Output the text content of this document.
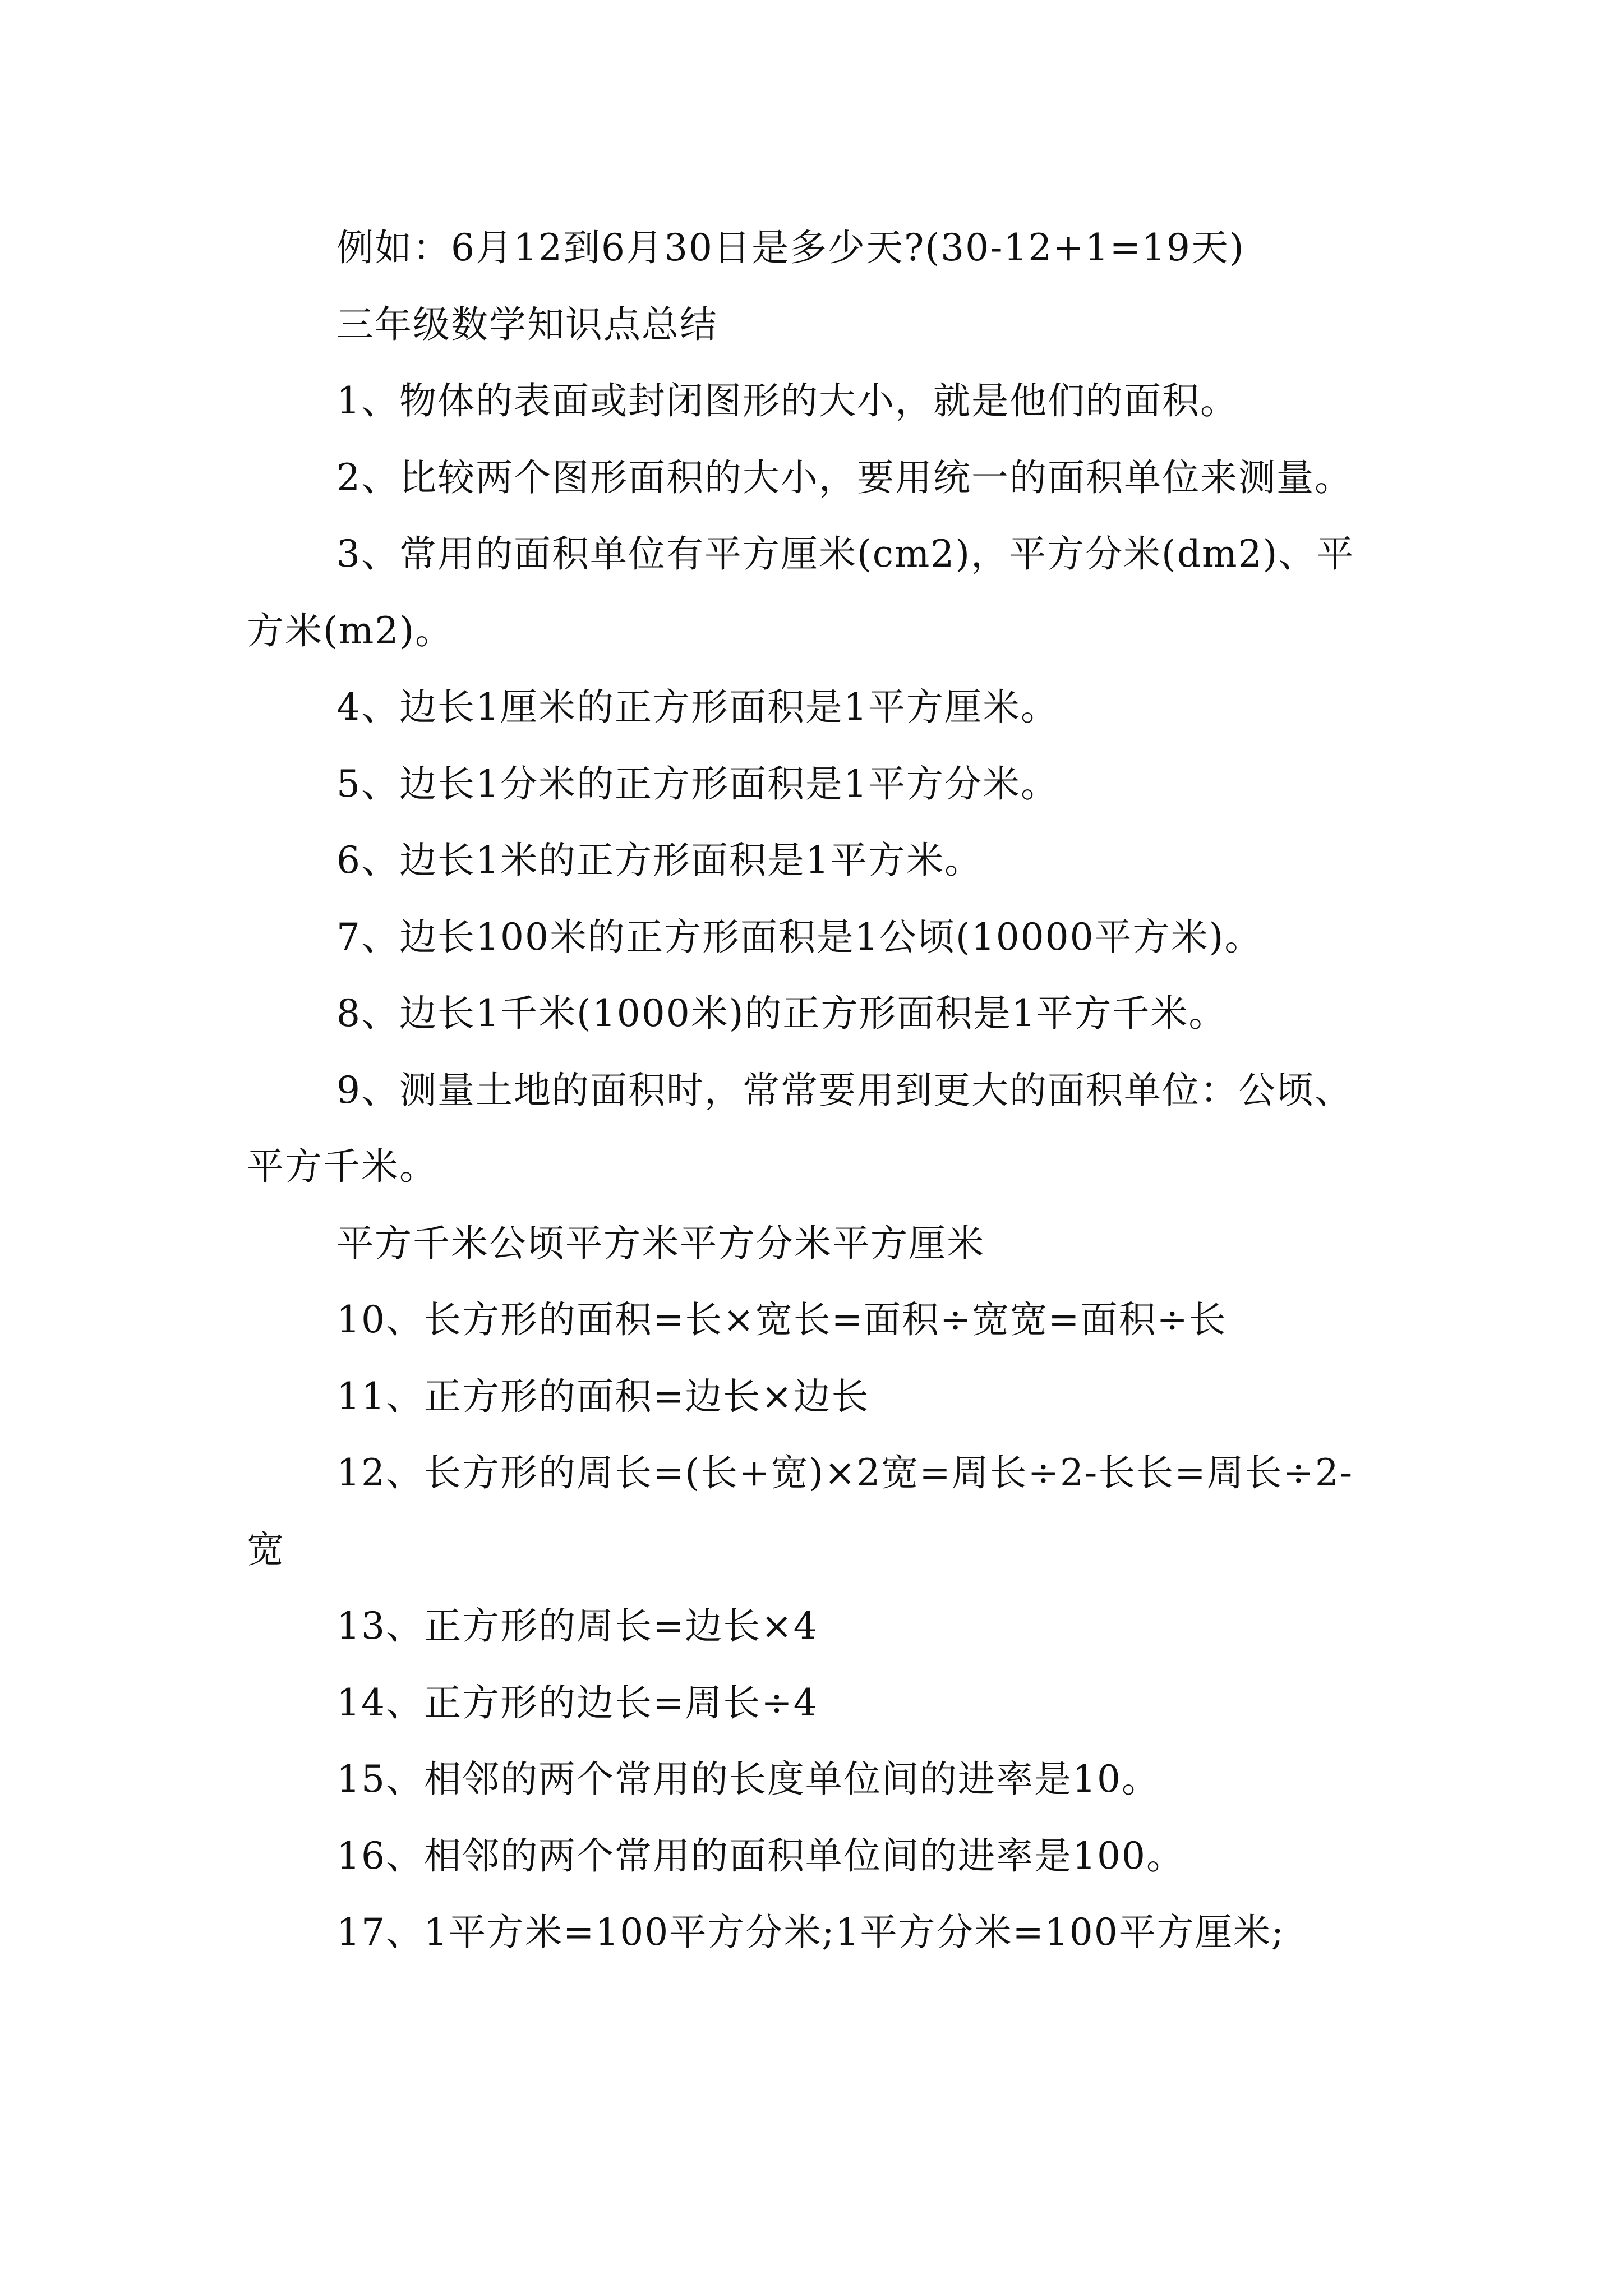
例如：6月12到6月30日是多少天?(30-12+1=19天)

三年级数学知识点总结

1、物体的表面或封闭图形的大小，就是他们的面积。

2、比较两个图形面积的大小，要用统一的面积单位来测量。

3、常用的面积单位有平方厘米(cm2)，平方分米(dm2)、平方米(m2)。

4、边长1厘米的正方形面积是1平方厘米。

5、边长1分米的正方形面积是1平方分米。

6、边长1米的正方形面积是1平方米。

7、边长100米的正方形面积是1公顷(10000平方米)。

8、边长1千米(1000米)的正方形面积是1平方千米。

9、测量土地的面积时，常常要用到更大的面积单位：公顷、平方千米。

平方千米公顷平方米平方分米平方厘米

10、长方形的面积=长×宽长=面积÷宽宽=面积÷长

11、正方形的面积=边长×边长

12、长方形的周长=(长+宽)×2宽=周长÷2-长长=周长÷2-宽

13、正方形的周长=边长×4

14、正方形的边长=周长÷4

15、相邻的两个常用的长度单位间的进率是10。

16、相邻的两个常用的面积单位间的进率是100。

17、1平方米=100平方分米;1平方分米=100平方厘米;
